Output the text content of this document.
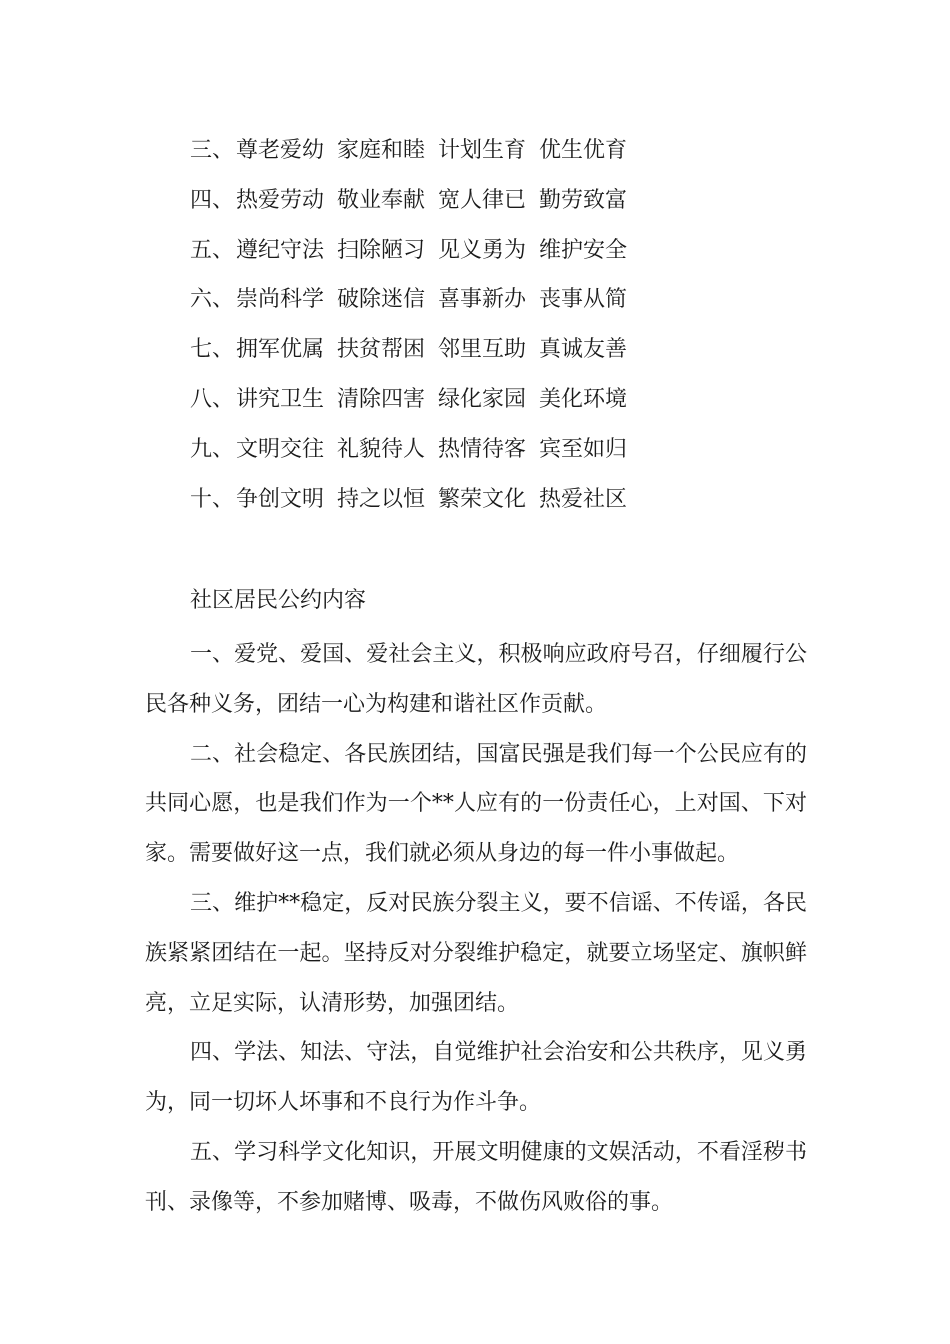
三、尊老爱幼 家庭和睦 计划生育 优生优育
四、热爱劳动 敬业奉献 宽人律已 勤劳致富
五、遵纪守法 扫除陋习 见义勇为 维护安全
六、崇尚科学 破除迷信 喜事新办 丧事从简
七、拥军优属 扶贫帮困 邻里互助 真诚友善
八、讲究卫生 清除四害 绿化家园 美化环境
九、文明交往 礼貌待人 热情待客 宾至如归
十、争创文明 持之以恒 繁荣文化 热爱社区
社区居民公约内容

一、爱党、爱国、爱社会主义，积极响应政府号召，仔细履行公民各种义务，团结一心为构建和谐社区作贡献。

二、社会稳定、各民族团结，国富民强是我们每一个公民应有的共同心愿，也是我们作为一个**人应有的一份责任心，上对国、下对家。需要做好这一点，我们就必须从身边的每一件小事做起。

三、维护**稳定，反对民族分裂主义，要不信谣、不传谣，各民族紧紧团结在一起。坚持反对分裂维护稳定，就要立场坚定、旗帜鲜亮，立足实际，认清形势，加强团结。

四、学法、知法、守法，自觉维护社会治安和公共秩序，见义勇为，同一切坏人坏事和不良行为作斗争。

五、学习科学文化知识，开展文明健康的文娱活动，不看淫秽书刊、录像等，不参加赌博、吸毒，不做伤风败俗的事。
